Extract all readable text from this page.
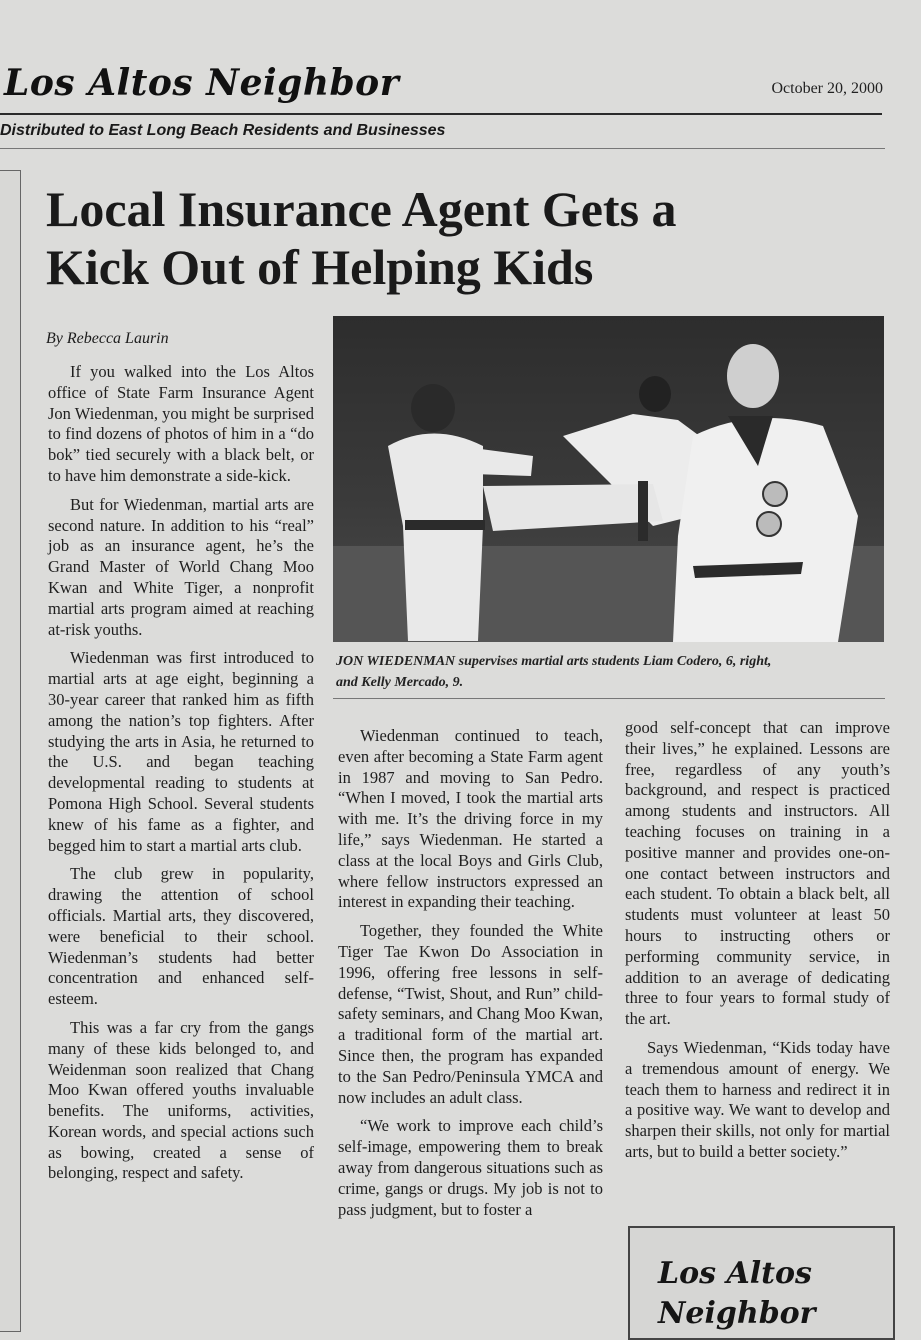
Los Altos Neighbor	October 20, 2000
Distributed to East Long Beach Residents and Businesses
Local Insurance Agent Gets a
Kick Out of Helping Kids
By Rebecca Laurin
JON WIEDENMAN supervises martial arts students Liam Codero, 6, right,
and Kelly Mercado, 9.

If you walked into the Los Altos office of State Farm Insurance Agent Jon Wiedenman, you might be surprised to find dozens of photos of him in a “do bok” tied securely with a black belt, or to have him demonstrate a side-kick.

But for Wiedenman, martial arts are second nature. In addition to his “real” job as an insurance agent, he’s the Grand Master of World Chang Moo Kwan and White Tiger, a nonprofit martial arts program aimed at reaching at-risk youths.

Wiedenman was first introduced to martial arts at age eight, beginning a 30-year career that ranked him as fifth among the nation’s top fighters. After studying the arts in Asia, he returned to the U.S. and began teaching developmental reading to students at Pomona High School. Several students knew of his fame as a fighter, and begged him to start a martial arts club.

The club grew in popularity, drawing the attention of school officials. Martial arts, they discovered, were beneficial to their school. Wiedenman’s students had better concentration and enhanced self-esteem.

This was a far cry from the gangs many of these kids belonged to, and Weidenman soon realized that Chang Moo Kwan offered youths invaluable benefits. The uniforms, activities, Korean words, and special actions such as bowing, created a sense of belonging, respect and safety.

Wiedenman continued to teach, even after becoming a State Farm agent in 1987 and moving to San Pedro. “When I moved, I took the martial arts with me. It’s the driving force in my life,” says Wiedenman. He started a class at the local Boys and Girls Club, where fellow instructors expressed an interest in expanding their teaching.

Together, they founded the White Tiger Tae Kwon Do Association in 1996, offering free lessons in self-defense, “Twist, Shout, and Run” child-safety seminars, and Chang Moo Kwan, a traditional form of the martial art. Since then, the program has expanded to the San Pedro/Peninsula YMCA and now includes an adult class.

“We work to improve each child’s self-image, empowering them to break away from dangerous situations such as crime, gangs or drugs. My job is not to pass judgment, but to foster a

good self-concept that can improve their lives,” he explained. Lessons are free, regardless of any youth’s background, and respect is practiced among students and instructors. All teaching focuses on training in a positive manner and provides one-on-one contact between instructors and each student. To obtain a black belt, all students must volunteer at least 50 hours to instructing others or performing community service, in addition to an average of dedicating three to four years to formal study of the art.

Says Wiedenman, “Kids today have a tremendous amount of energy. We teach them to harness and redirect it in a positive way. We want to develop and sharpen their skills, not only for martial arts, but to build a better society.”

Los Altos
Neighbor
